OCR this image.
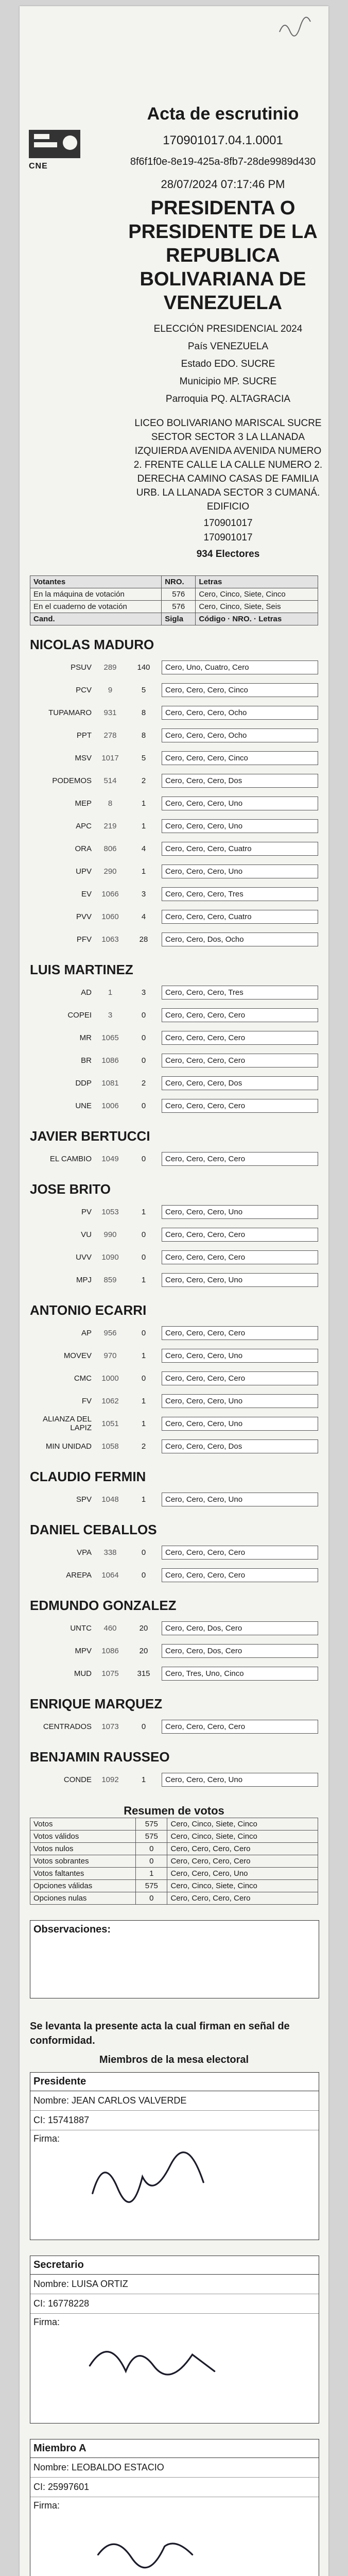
CNE
Acta de escrutinio
170901017.04.1.0001
8f6f1f0e-8e19-425a-8fb7-28de9989d430
28/07/2024 07:17:46 PM
PRESIDENTA O PRESIDENTE DE LA REPUBLICA BOLIVARIANA DE VENEZUELA
ELECCIÓN PRESIDENCIAL 2024
País VENEZUELA
Estado EDO. SUCRE
Municipio MP. SUCRE
Parroquia PQ. ALTAGRACIA
LICEO BOLIVARIANO MARISCAL SUCRE SECTOR SECTOR 3 LA LLANADA IZQUIERDA AVENIDA AVENIDA NUMERO 2. FRENTE CALLE LA CALLE NUMERO 2. DERECHA CAMINO CASAS DE FAMILIA URB. LA LLANADA SECTOR 3 CUMANÁ. EDIFICIO
170901017
170901017
934 Electores
Votantes	NRO.	Letras
En la máquina de votación	576	Cero, Cinco, Siete, Cinco
En el cuaderno de votación	576	Cero, Cinco, Siete, Seis
Cand.	Sigla	Código · NRO. · Letras
NICOLAS MADURO
PSUV	289	140	Cero, Uno, Cuatro, Cero
PCV	9	5	Cero, Cero, Cero, Cinco
TUPAMARO	931	8	Cero, Cero, Cero, Ocho
PPT	278	8	Cero, Cero, Cero, Ocho
MSV	1017	5	Cero, Cero, Cero, Cinco
PODEMOS	514	2	Cero, Cero, Cero, Dos
MEP	8	1	Cero, Cero, Cero, Uno
APC	219	1	Cero, Cero, Cero, Uno
ORA	806	4	Cero, Cero, Cero, Cuatro
UPV	290	1	Cero, Cero, Cero, Uno
EV	1066	3	Cero, Cero, Cero, Tres
PVV	1060	4	Cero, Cero, Cero, Cuatro
PFV	1063	28	Cero, Cero, Dos, Ocho
LUIS MARTINEZ
AD	1	3	Cero, Cero, Cero, Tres
COPEI	3	0	Cero, Cero, Cero, Cero
MR	1065	0	Cero, Cero, Cero, Cero
BR	1086	0	Cero, Cero, Cero, Cero
DDP	1081	2	Cero, Cero, Cero, Dos
UNE	1006	0	Cero, Cero, Cero, Cero
JAVIER BERTUCCI
EL CAMBIO	1049	0	Cero, Cero, Cero, Cero
JOSE BRITO
PV	1053	1	Cero, Cero, Cero, Uno
VU	990	0	Cero, Cero, Cero, Cero
UVV	1090	0	Cero, Cero, Cero, Cero
MPJ	859	1	Cero, Cero, Cero, Uno
ANTONIO ECARRI
AP	956	0	Cero, Cero, Cero, Cero
MOVEV	970	1	Cero, Cero, Cero, Uno
CMC	1000	0	Cero, Cero, Cero, Cero
FV	1062	1	Cero, Cero, Cero, Uno
ALIANZA DEL LAPIZ	1051	1	Cero, Cero, Cero, Uno
MIN UNIDAD	1058	2	Cero, Cero, Cero, Dos
CLAUDIO FERMIN
SPV	1048	1	Cero, Cero, Cero, Uno
DANIEL CEBALLOS
VPA	338	0	Cero, Cero, Cero, Cero
AREPA	1064	0	Cero, Cero, Cero, Cero
EDMUNDO GONZALEZ
UNTC	460	20	Cero, Cero, Dos, Cero
MPV	1086	20	Cero, Cero, Dos, Cero
MUD	1075	315	Cero, Tres, Uno, Cinco
ENRIQUE MARQUEZ
CENTRADOS	1073	0	Cero, Cero, Cero, Cero
BENJAMIN RAUSSEO
CONDE	1092	1	Cero, Cero, Cero, Uno
Resumen de votos
Votos	575	Cero, Cinco, Siete, Cinco
Votos válidos	575	Cero, Cinco, Siete, Cinco
Votos nulos	0	Cero, Cero, Cero, Cero
Votos sobrantes	0	Cero, Cero, Cero, Cero
Votos faltantes	1	Cero, Cero, Cero, Uno
Opciones válidas	575	Cero, Cinco, Siete, Cinco
Opciones nulas	0	Cero, Cero, Cero, Cero
Observaciones:
Se levanta la presente acta la cual firman en señal de conformidad.
Miembros de la mesa electoral
Presidente
Nombre: JEAN CARLOS VALVERDE
CI: 15741887
Firma:
Secretario
Nombre: LUISA ORTIZ
CI: 16778228
Firma:
Miembro A
Nombre: LEOBALDO ESTACIO
CI: 25997601
Firma:
